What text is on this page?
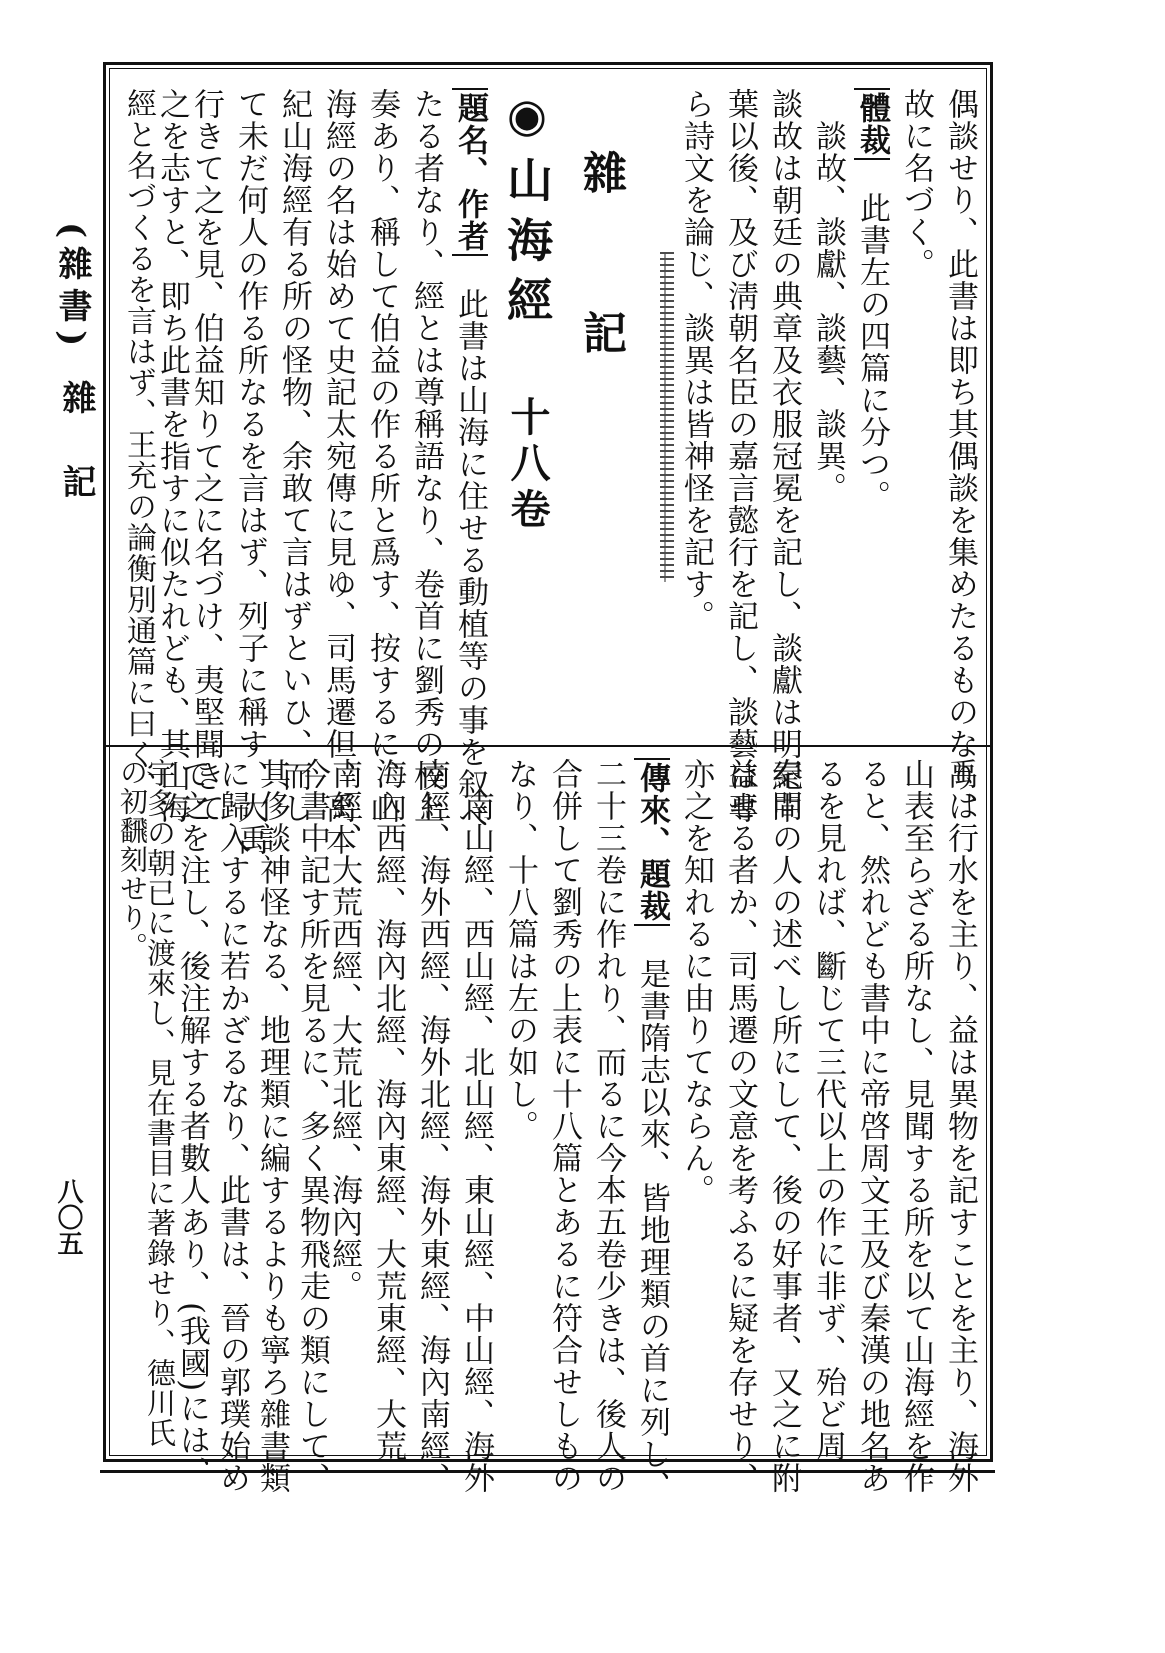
(雜書)
雜　記
八〇五
偶談せり、此書は即ち其偶談を集めたるものなり、
故に名づく。
體裁　此書左の四篇に分つ。
談故、談獻、談藝、談異。
談故は朝廷の典章及衣服冠冕を記し、談獻は明紀中
葉以後、及び淸朝名臣の嘉言懿行を記し、談藝は專
ら詩文を論じ、談異は皆神怪を記す。
雜　記
◉山海經　十八卷
題名、作者　此書は山海に住せる動植等の事を叙べ
たる者なり、經とは尊稱語なり、卷首に劉秀の校上
奏あり、稱して伯益の作る所と爲す、按するに、山
海經の名は始めて史記太宛傳に見ゆ、司馬遷但、禹本
紀山海經有る所の怪物、余敢て言はずといひ、而し
て未だ何人の作る所なるを言はず、列子に稱す、大禹
行きて之を見、伯益知りて之に名づけ、夷堅聞きて
之を志すと、即ち此書を指すに似たれども、其山海
經と名づくるを言はず、王充の論衡別通篇に曰く、
禹は行水を主り、益は異物を記すことを主り、海外
山表至らざる所なし、見聞する所を以て山海經を作
ると、然れども書中に帝啓周文王及び秦漢の地名あ
るを見れば、斷じて三代以上の作に非ず、殆ど周
秦間の人の述べし所にして、後の好事者、又之に附
益せる者か、司馬遷の文意を考ふるに疑を存せり、
亦之を知れるに由りてならん。
傳來、題裁　是書隋志以來、皆地理類の首に列し、
二十三卷に作れり、而るに今本五卷少きは、後人の
合併して劉秀の上表に十八篇とあるに符合せしもの
なり、十八篇は左の如し。
南山經、西山經、北山經、東山經、中山經、海外
南經、海外西經、海外北經、海外東經、海內南經、
海內西經、海內北經、海內東經、大荒東經、大荒
南經、大荒西經、大荒北經、海內經。
今書中記す所を見るに、多く異物飛走の類にして、
其侈談神怪なる、地理類に編するよりも寧ろ雜書類
に歸入するに若かざるなり、此書は、晉の郭璞始め
て之を注し、後注解する者數人あり、(我國)には、
宇多の朝已に渡來し、見在書目に著錄せり、德川氏
の初飜刻せり。
